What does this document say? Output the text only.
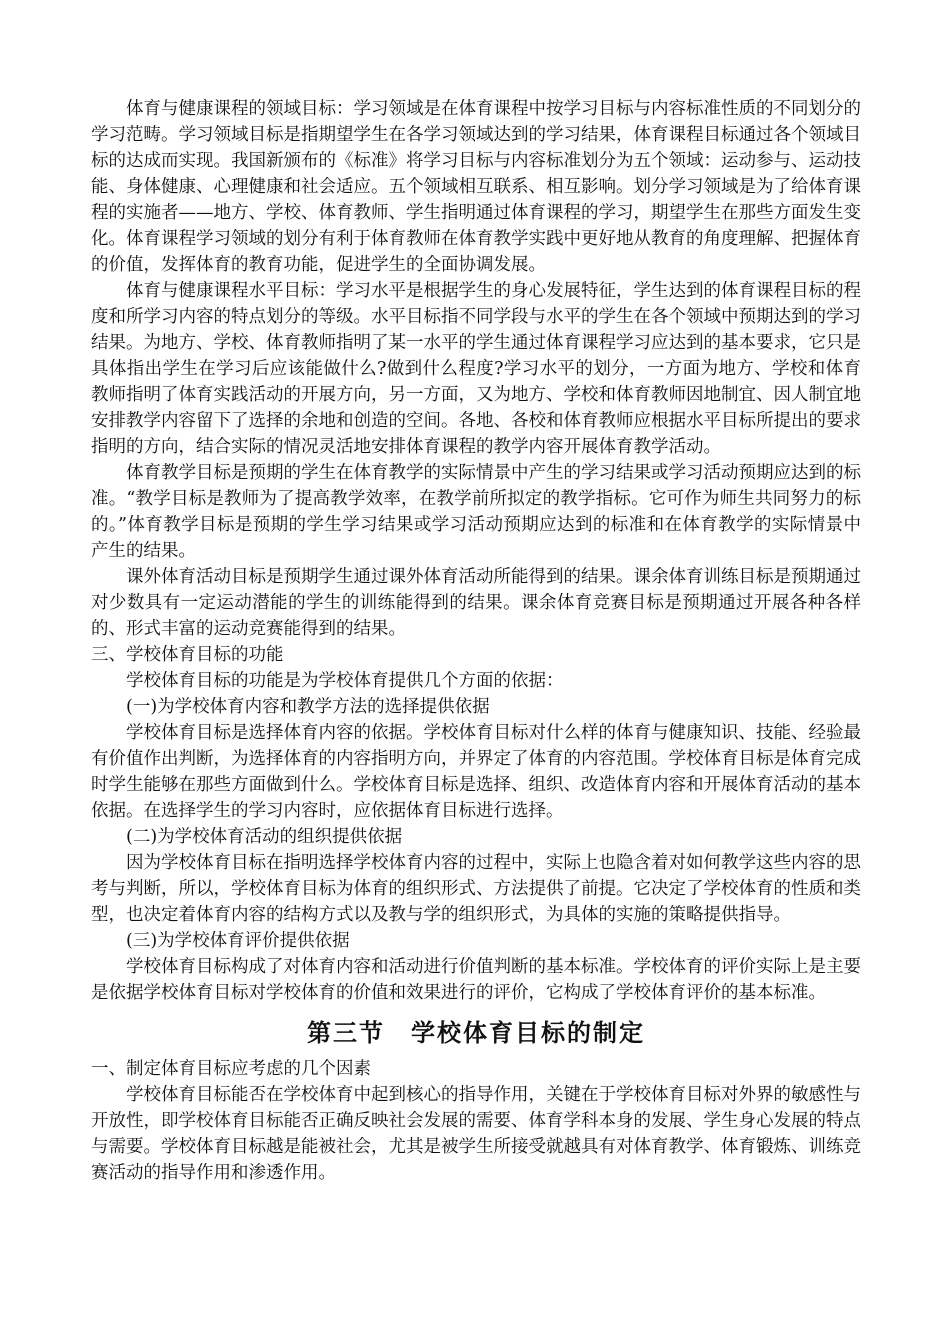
体育与健康课程的领域目标：学习领域是在体育课程中按学习目标与内容标准性质的不同划分的学习范畴。学习领域目标是指期望学生在各学习领域达到的学习结果，体育课程目标通过各个领域目标的达成而实现。我国新颁布的《标准》将学习目标与内容标准划分为五个领域：运动参与、运动技能、身体健康、心理健康和社会适应。五个领域相互联系、相互影响。划分学习领域是为了给体育课程的实施者——地方、学校、体育教师、学生指明通过体育课程的学习，期望学生在那些方面发生变化。体育课程学习领域的划分有利于体育教师在体育教学实践中更好地从教育的角度理解、把握体育的价值，发挥体育的教育功能，促进学生的全面协调发展。

体育与健康课程水平目标：学习水平是根据学生的身心发展特征，学生达到的体育课程目标的程度和所学习内容的特点划分的等级。水平目标指不同学段与水平的学生在各个领域中预期达到的学习结果。为地方、学校、体育教师指明了某一水平的学生通过体育课程学习应达到的基本要求，它只是具体指出学生在学习后应该能做什么?做到什么程度?学习水平的划分，一方面为地方、学校和体育教师指明了体育实践活动的开展方向，另一方面，又为地方、学校和体育教师因地制宜、因人制宜地安排教学内容留下了选择的余地和创造的空间。各地、各校和体育教师应根据水平目标所提出的要求指明的方向，结合实际的情况灵活地安排体育课程的教学内容开展体育教学活动。

体育教学目标是预期的学生在体育教学的实际情景中产生的学习结果或学习活动预期应达到的标准。“教学目标是教师为了提高教学效率，在教学前所拟定的教学指标。它可作为师生共同努力的标的。”体育教学目标是预期的学生学习结果或学习活动预期应达到的标准和在体育教学的实际情景中产生的结果。

课外体育活动目标是预期学生通过课外体育活动所能得到的结果。课余体育训练目标是预期通过对少数具有一定运动潜能的学生的训练能得到的结果。课余体育竞赛目标是预期通过开展各种各样的、形式丰富的运动竞赛能得到的结果。

三、学校体育目标的功能

学校体育目标的功能是为学校体育提供几个方面的依据：

(一)为学校体育内容和教学方法的选择提供依据

学校体育目标是选择体育内容的依据。学校体育目标对什么样的体育与健康知识、技能、经验最有价值作出判断，为选择体育的内容指明方向，并界定了体育的内容范围。学校体育目标是体育完成时学生能够在那些方面做到什么。学校体育目标是选择、组织、改造体育内容和开展体育活动的基本依据。在选择学生的学习内容时，应依据体育目标进行选择。

(二)为学校体育活动的组织提供依据

因为学校体育目标在指明选择学校体育内容的过程中，实际上也隐含着对如何教学这些内容的思考与判断，所以，学校体育目标为体育的组织形式、方法提供了前提。它决定了学校体育的性质和类型，也决定着体育内容的结构方式以及教与学的组织形式，为具体的实施的策略提供指导。

(三)为学校体育评价提供依据

学校体育目标构成了对体育内容和活动进行价值判断的基本标准。学校体育的评价实际上是主要是依据学校体育目标对学校体育的价值和效果进行的评价，它构成了学校体育评价的基本标准。

第三节　学校体育目标的制定

一、制定体育目标应考虑的几个因素

学校体育目标能否在学校体育中起到核心的指导作用，关键在于学校体育目标对外界的敏感性与开放性，即学校体育目标能否正确反映社会发展的需要、体育学科本身的发展、学生身心发展的特点与需要。学校体育目标越是能被社会，尤其是被学生所接受就越具有对体育教学、体育锻炼、训练竞赛活动的指导作用和渗透作用。
